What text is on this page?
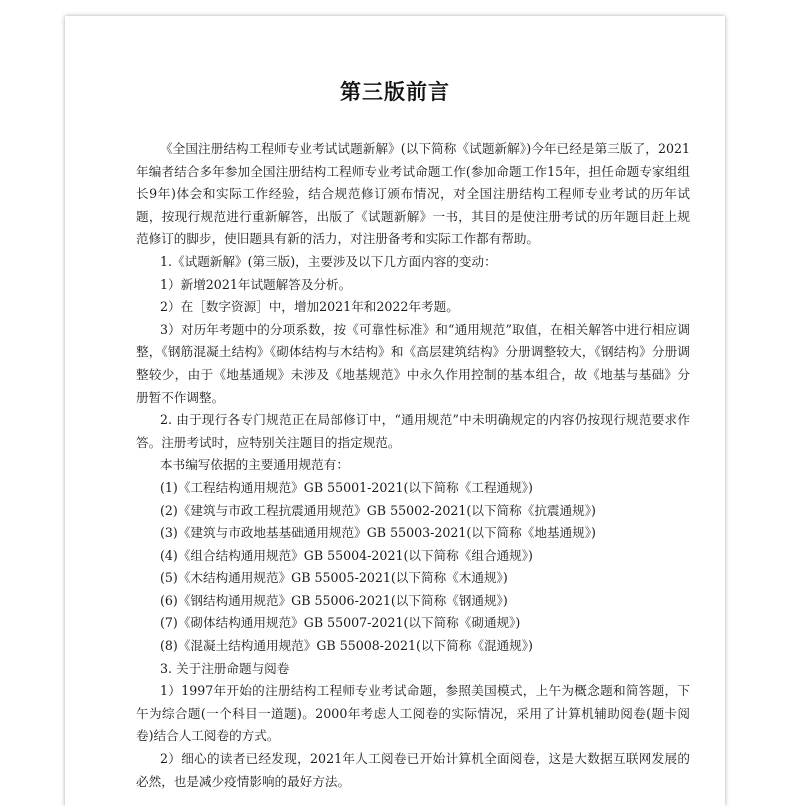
第三版前言

《全国注册结构工程师专业考试试题新解》(以下简称《试题新解》)今年已经是第三版了，2021年编者结合多年参加全国注册结构工程师专业考试命题工作(参加命题工作15年，担任命题专家组组长9年)体会和实际工作经验，结合规范修订颁布情况，对全国注册结构工程师专业考试的历年试题，按现行规范进行重新解答，出版了《试题新解》一书，其目的是使注册考试的历年题目赶上规范修订的脚步，使旧题具有新的活力，对注册备考和实际工作都有帮助。

1.《试题新解》(第三版)，主要涉及以下几方面内容的变动：

1）新增2021年试题解答及分析。

2）在［数字资源］中，增加2021年和2022年考题。

3）对历年考题中的分项系数，按《可靠性标准》和“通用规范”取值，在相关解答中进行相应调整，《钢筋混凝土结构》《砌体结构与木结构》和《高层建筑结构》分册调整较大，《钢结构》分册调整较少，由于《地基通规》未涉及《地基规范》中永久作用控制的基本组合，故《地基与基础》分册暂不作调整。

2. 由于现行各专门规范正在局部修订中，“通用规范”中未明确规定的内容仍按现行规范要求作答。注册考试时，应特别关注题目的指定规范。

本书编写依据的主要通用规范有：

(1)《工程结构通用规范》GB 55001-2021(以下简称《工程通规》)

(2)《建筑与市政工程抗震通用规范》GB 55002-2021(以下简称《抗震通规》)

(3)《建筑与市政地基基础通用规范》GB 55003-2021(以下简称《地基通规》)

(4)《组合结构通用规范》GB 55004-2021(以下简称《组合通规》)

(5)《木结构通用规范》GB 55005-2021(以下简称《木通规》)

(6)《钢结构通用规范》GB 55006-2021(以下简称《钢通规》)

(7)《砌体结构通用规范》GB 55007-2021(以下简称《砌通规》)

(8)《混凝土结构通用规范》GB 55008-2021(以下简称《混通规》)

3. 关于注册命题与阅卷

1）1997年开始的注册结构工程师专业考试命题，参照美国模式，上午为概念题和简答题，下午为综合题(一个科目一道题)。2000年考虑人工阅卷的实际情况，采用了计算机辅助阅卷(题卡阅卷)结合人工阅卷的方式。

2）细心的读者已经发现，2021年人工阅卷已开始计算机全面阅卷，这是大数据互联网发展的必然，也是减少疫情影响的最好方法。
